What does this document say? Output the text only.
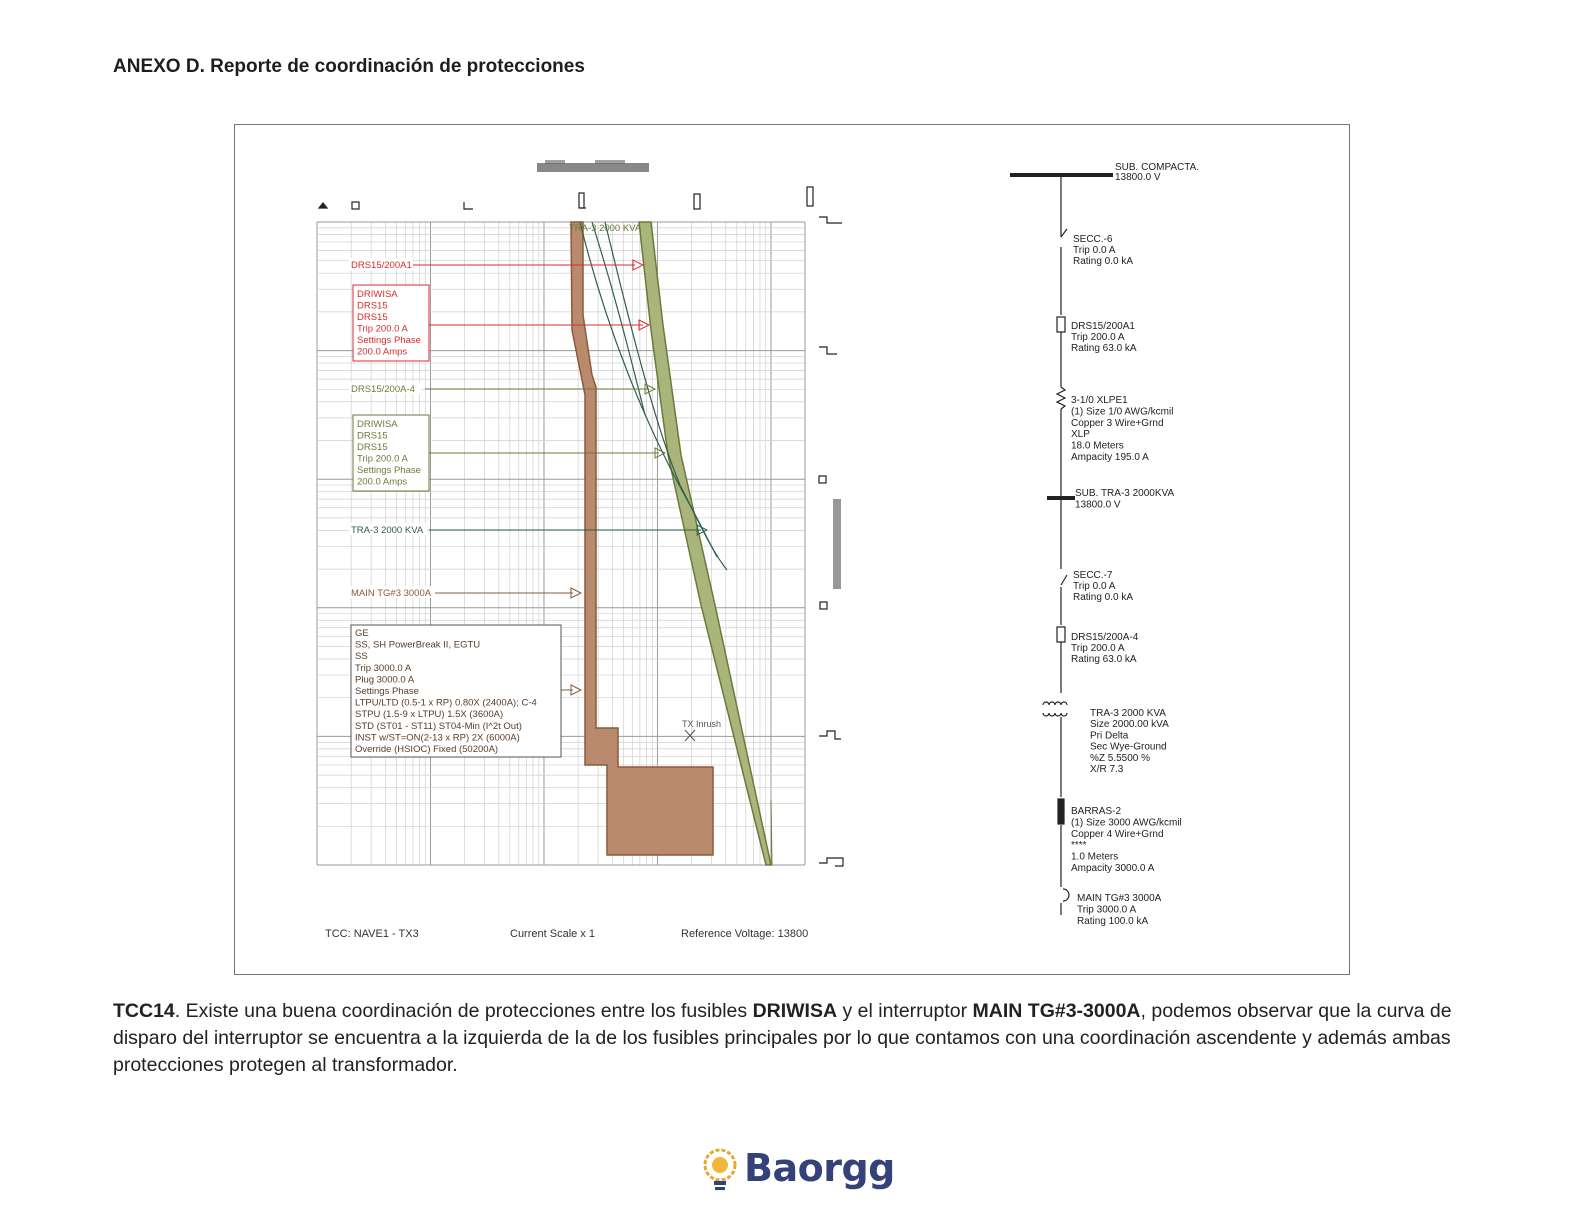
ANEXO D. Reporte de coordinación de protecciones
TX Inrush
TRA-3 2000 KVA
DRS15/200A1
DRS15/200A-4
TRA-3 2000 KVA
MAIN TG#3 3000A
DRIWISA
DRS15
DRS15
Trip 200.0 A
Settings Phase
200.0 Amps
DRIWISA
DRS15
DRS15
Trip 200.0 A
Settings Phase
200.0 Amps
GE
SS, SH PowerBreak II, EGTU
SS
Trip 3000.0 A
Plug 3000.0 A
Settings Phase
LTPU/LTD (0.5-1 x RP) 0.80X (2400A); C-4
STPU (1.5-9 x LTPU) 1.5X (3600A)
STD (ST01 - ST11) ST04-Min (I^2t Out)
INST w/ST=ON(2-13 x RP) 2X (6000A)
Override (HSIOC) Fixed (50200A)
TCC: NAVE1 - TX3	Current Scale x 1	Reference Voltage: 13800
SUB. COMPACTA.
13800.0 V
SECC.-6
Trip 0.0 A
Rating 0.0 kA
DRS15/200A1
Trip 200.0 A
Rating 63.0 kA
3-1/0 XLPE1
(1) Size 1/0 AWG/kcmil
Copper 3 Wire+Grnd
XLP
18.0 Meters
Ampacity 195.0 A
SUB. TRA-3 2000KVA
13800.0 V
SECC.-7
Trip 0.0 A
Rating 0.0 kA
DRS15/200A-4
Trip 200.0 A
Rating 63.0 kA
TRA-3 2000 KVA
Size 2000.00 kVA
Pri Delta
Sec Wye-Ground
%Z 5.5500 %
X/R 7.3
BARRAS-2
(1) Size 3000 AWG/kcmil
Copper 4 Wire+Grnd
****
1.0 Meters
Ampacity 3000.0 A
MAIN TG#3 3000A
Trip 3000.0 A
Rating 100.0 kA

TCC14. Existe una buena coordinación de protecciones entre los fusibles DRIWISA y el interruptor MAIN TG#3-3000A, podemos observar que la curva de disparo del interruptor se encuentra a la izquierda de la de los fusibles principales por lo que contamos con una coordinación ascendente y además ambas protecciones protegen al transformador.

Baorgg
